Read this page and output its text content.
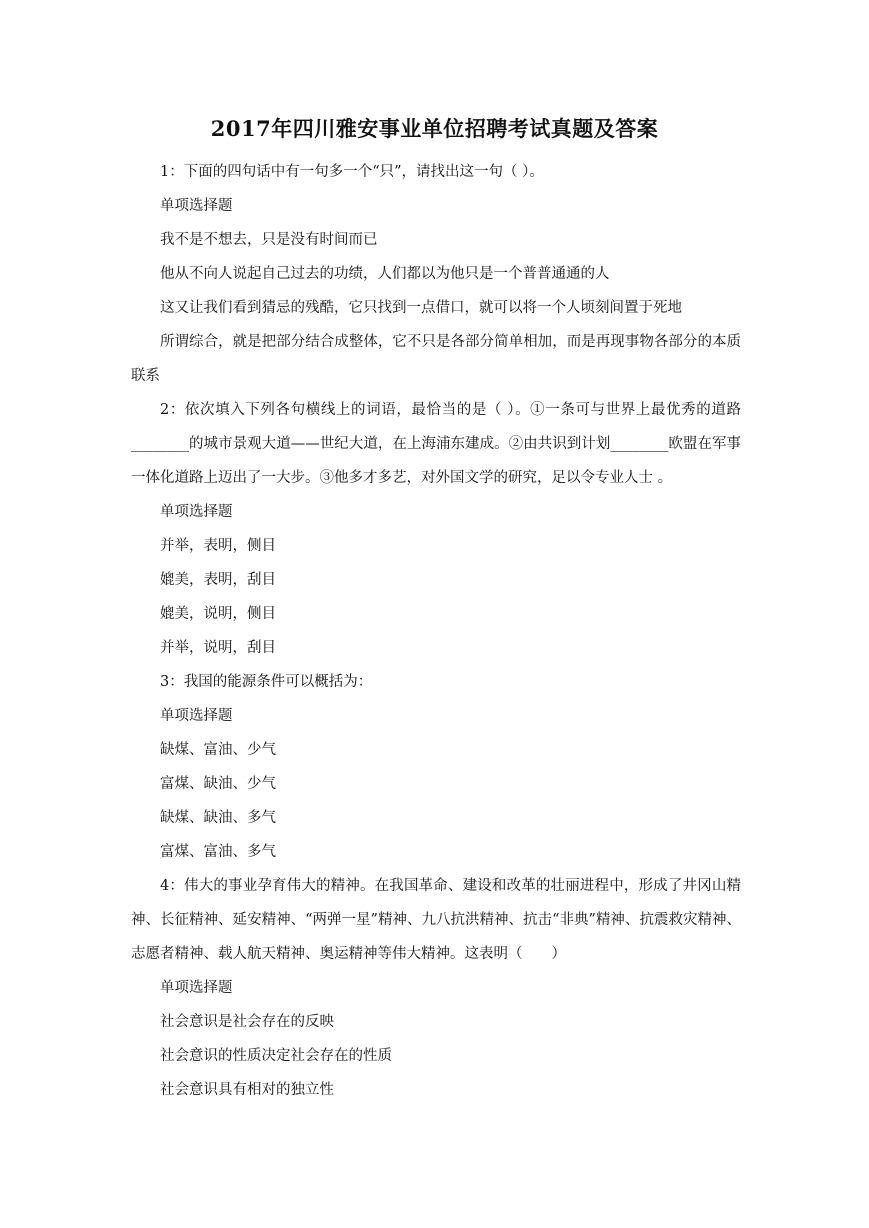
2017年四川雅安事业单位招聘考试真题及答案

1：下面的四句话中有一句多一个“只”，请找出这一句（ ）。

单项选择题

我不是不想去，只是没有时间而已

他从不向人说起自己过去的功绩，人们都以为他只是一个普普通通的人

这又让我们看到猜忌的残酷，它只找到一点借口，就可以将一个人顷刻间置于死地

所谓综合，就是把部分结合成整体，它不只是各部分简单相加，而是再现事物各部分的本质联系

2：依次填入下列各句横线上的词语，最恰当的是（ ）。①一条可与世界上最优秀的道路________的城市景观大道——世纪大道，在上海浦东建成。②由共识到计划________欧盟在军事一体化道路上迈出了一大步。③他多才多艺，对外国文学的研究，足以令专业人士 。

单项选择题

并举，表明，侧目

媲美，表明，刮目

媲美，说明，侧目

并举，说明，刮目

3：我国的能源条件可以概括为：

单项选择题

缺煤、富油、少气

富煤、缺油、少气

缺煤、缺油、多气

富煤、富油、多气

4：伟大的事业孕育伟大的精神。在我国革命、建设和改革的壮丽进程中，形成了井冈山精神、长征精神、延安精神、“两弹一星”精神、九八抗洪精神、抗击“非典”精神、抗震救灾精神、志愿者精神、载人航天精神、奥运精神等伟大精神。这表明（　　）

单项选择题

社会意识是社会存在的反映

社会意识的性质决定社会存在的性质

社会意识具有相对的独立性
